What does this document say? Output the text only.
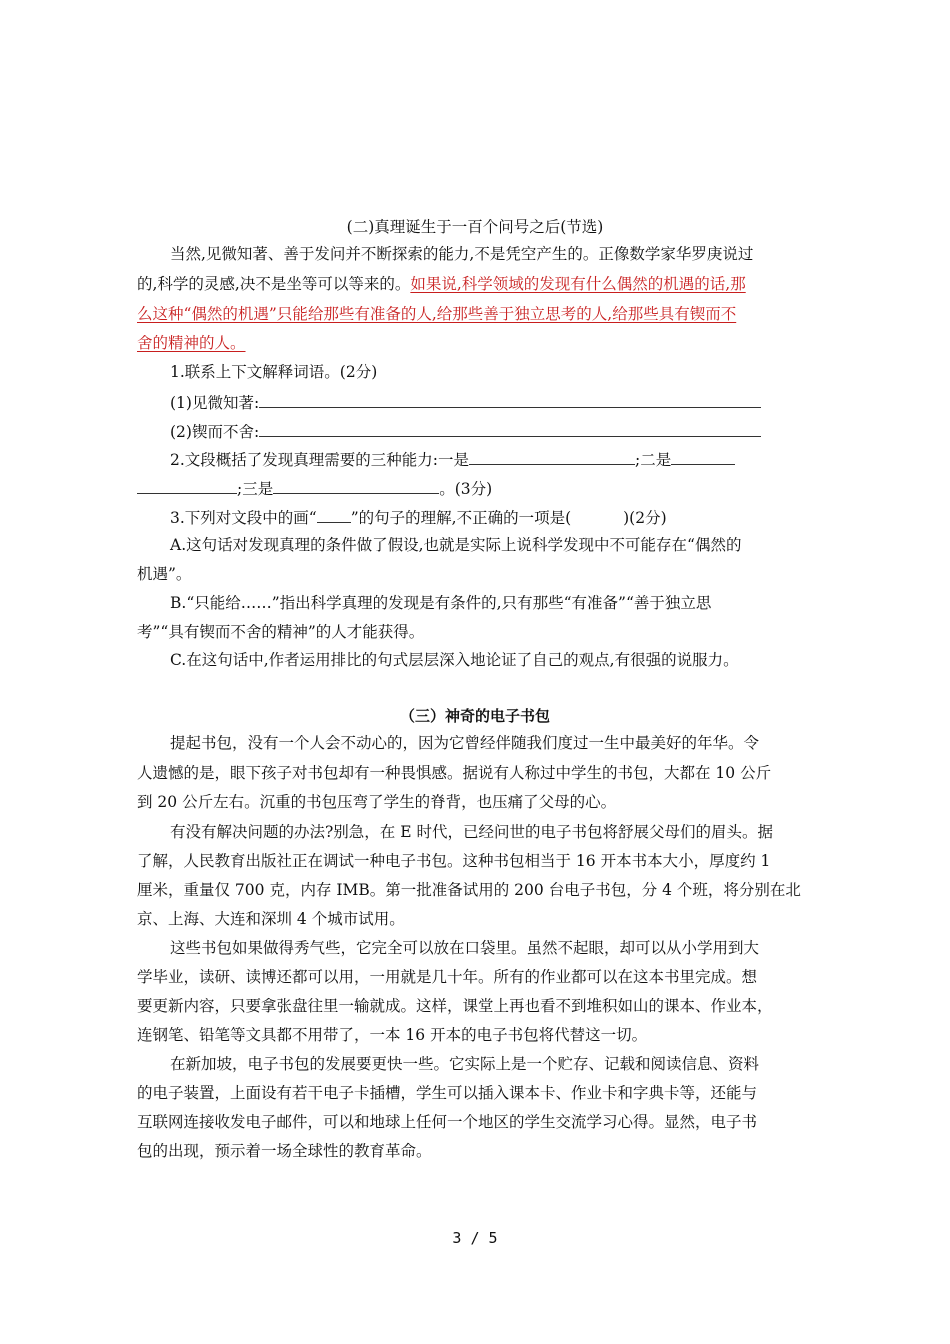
(二)真理诞生于一百个问号之后(节选)
当然,见微知著、善于发问并不断探索的能力,不是凭空产生的。正像数学家华罗庚说过
的,科学的灵感,决不是坐等可以等来的。如果说,科学领域的发现有什么偶然的机遇的话,那
么这种“偶然的机遇”只能给那些有准备的人,给那些善于独立思考的人,给那些具有锲而不
舍的精神的人。
1.联系上下文解释词语。(2分)
(1)见微知著:
(2)锲而不舍:
2.文段概括了发现真理需要的三种能力:一是	;二是
;三是	。(3分)
3.下列对文段中的画“ ”的句子的理解,不正确的一项是(	)(2分)
A.这句话对发现真理的条件做了假设,也就是实际上说科学发现中不可能存在“偶然的
机遇”。
B.“只能给……”指出科学真理的发现是有条件的,只有那些“有准备”“善于独立思
考”“具有锲而不舍的精神”的人才能获得。
C.在这句话中,作者运用排比的句式层层深入地论证了自己的观点,有很强的说服力。
（三）神奇的电子书包
提起书包，没有一个人会不动心的，因为它曾经伴随我们度过一生中最美好的年华。令
人遗憾的是，眼下孩子对书包却有一种畏惧感。据说有人称过中学生的书包，大都在 10 公斤
到 20 公斤左右。沉重的书包压弯了学生的脊背，也压痛了父母的心。
有没有解决问题的办法?别急，在 E 时代，已经问世的电子书包将舒展父母们的眉头。据
了解，人民教育出版社正在调试一种电子书包。这种书包相当于 16 开本书本大小，厚度约 1
厘米，重量仅 700 克，内存 IMB。第一批准备试用的 200 台电子书包，分 4 个班，将分别在北
京、上海、大连和深圳 4 个城市试用。
这些书包如果做得秀气些，它完全可以放在口袋里。虽然不起眼，却可以从小学用到大
学毕业，读研、读博还都可以用，一用就是几十年。所有的作业都可以在这本书里完成。想
要更新内容，只要拿张盘往里一输就成。这样，课堂上再也看不到堆积如山的课本、作业本，
连钢笔、铅笔等文具都不用带了，一本 16 开本的电子书包将代替这一切。
在新加坡，电子书包的发展要更快一些。它实际上是一个贮存、记载和阅读信息、资料
的电子装置，上面设有若干电子卡插槽，学生可以插入课本卡、作业卡和字典卡等，还能与
互联网连接收发电子邮件，可以和地球上任何一个地区的学生交流学习心得。显然，电子书
包的出现，预示着一场全球性的教育革命。
3 / 5
